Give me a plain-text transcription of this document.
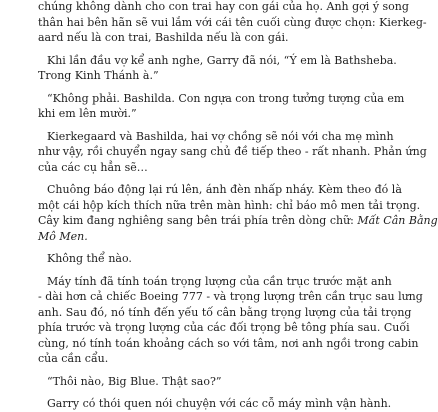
chúng không dành cho con trai hay con gái của họ. Anh gợi ý song
thân hai bên hãn sẽ vui lắm với cái tên cuối cùng được chọn: Kierkeg-
aard nếu là con trai, Bashilda nếu là con gái.

Khi lần đầu vợ kể anh nghe, Garry đã nói, “Ý em là Bathsheba.
Trong Kinh Thánh à.”

“Không phải. Bashilda. Con ngựa con trong tưởng tượng của em
khi em lên mười.”

Kierkegaard và Bashilda, hai vợ chồng sẽ nói với cha mẹ mình
như vậy, rồi chuyển ngay sang chủ đề tiếp theo - rất nhanh. Phản ứng
của các cụ hẳn sẽ…

Chuông báo động lại rú lên, ánh đèn nhấp nháy. Kèm theo đó là
một cái hộp kích thích nữa trên màn hình: chỉ báo mô men tải trọng.
Cây kim đang nghiêng sang bên trái phía trên dòng chữ: Mất Cân Bằng
Mô Men.

Không thể nào.

Máy tính đã tính toán trọng lượng của cần trục trước mặt anh
- dài hơn cả chiếc Boeing 777 - và trọng lượng trên cần trục sau lưng
anh. Sau đó, nó tính đến yếu tố cân bằng trọng lượng của tải trọng
phía trước và trọng lượng của các đối trọng bê tông phía sau. Cuối
cùng, nó tính toán khoảng cách so với tâm, nơi anh ngồi trong cabin
của cần cẩu.

“Thôi nào, Big Blue. Thật sao?”

Garry có thói quen nói chuyện với các cỗ máy mình vận hành.
